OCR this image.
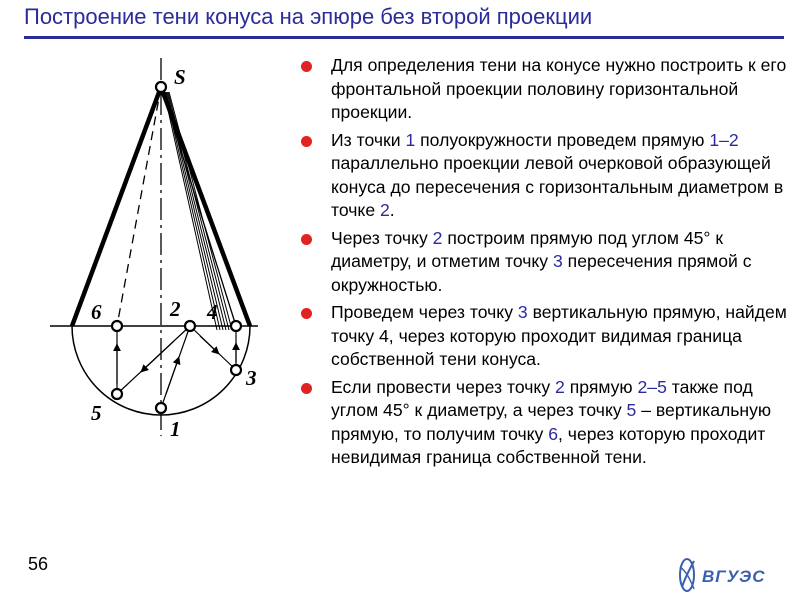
Построение тени конуса на эпюре без второй проекции
S
6	2 4
3
5
1
Для определения тени на конусе нужно построить к его фронтальной проекции половину горизонтальной проекции.
Из точки 1 полуокружности проведем прямую 1–2 параллельно проекции левой очерковой образующей конуса до пересечения с горизонтальным диаметром в точке 2.
Через точку 2 построим прямую под углом 45° к диаметру, и отметим точку 3 пересечения прямой с окружностью.
Проведем через точку 3 вертикальную прямую, найдем точку 4, через которую проходит видимая граница собственной тени конуса.
Если провести через точку 2 прямую 2–5 также под углом 45° к диаметру, а через точку 5 – вертикальную прямую, то получим точку 6, через которую проходит невидимая граница собственной тени.
56
ВГУЭС
